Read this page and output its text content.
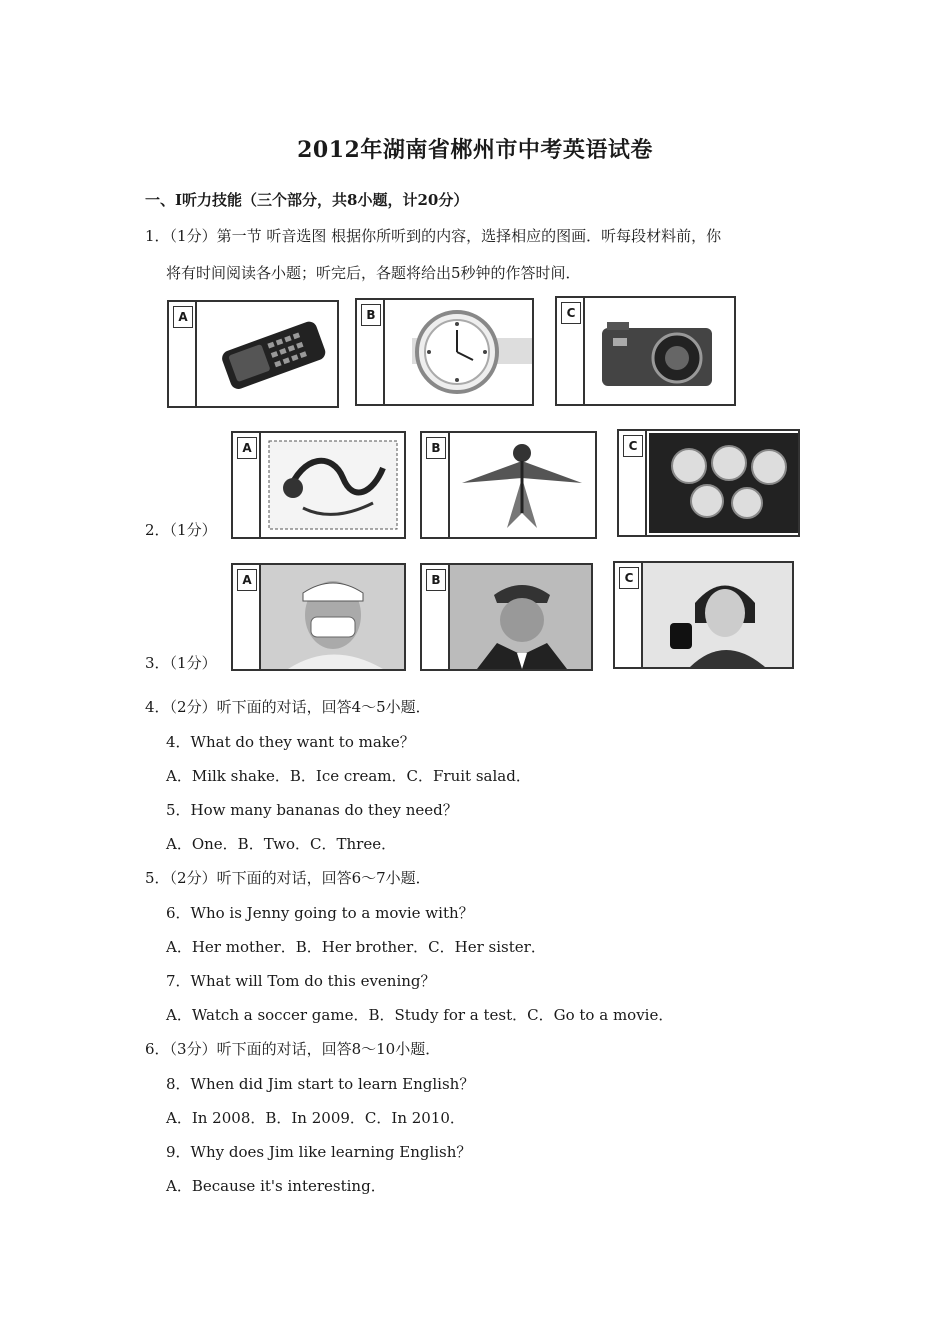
2012年湖南省郴州市中考英语试卷
一、Ⅰ听力技能（三个部分，共8小题，计20分）
1．（1分）第一节 听音选图 根据你所听到的内容，选择相应的图画．听每段材料前，你
将有时间阅读各小题；听完后，各题将给出5秒钟的作答时间．
A	B	C
2．（1分）
A	B	C
3．（1分）
A	B	C
4．（2分）听下面的对话，回答4～5小题．
4．What do they want to make？
A．Milk shake．B．Ice cream．C．Fruit salad．
5．How many bananas do they need？
A．One．B．Two．C．Three．
5．（2分）听下面的对话，回答6～7小题．
6．Who is Jenny going to a movie with？
A．Her mother．B．Her brother．C．Her sister．
7．What will Tom do this evening？
A．Watch a soccer game．B．Study for a test．C．Go to a movie．
6．（3分）听下面的对话，回答8～10小题．
8．When did Jim start to learn English？
A．In 2008．B．In 2009．C．In 2010．
9．Why does Jim like learning English？
A．Because it's interesting．
